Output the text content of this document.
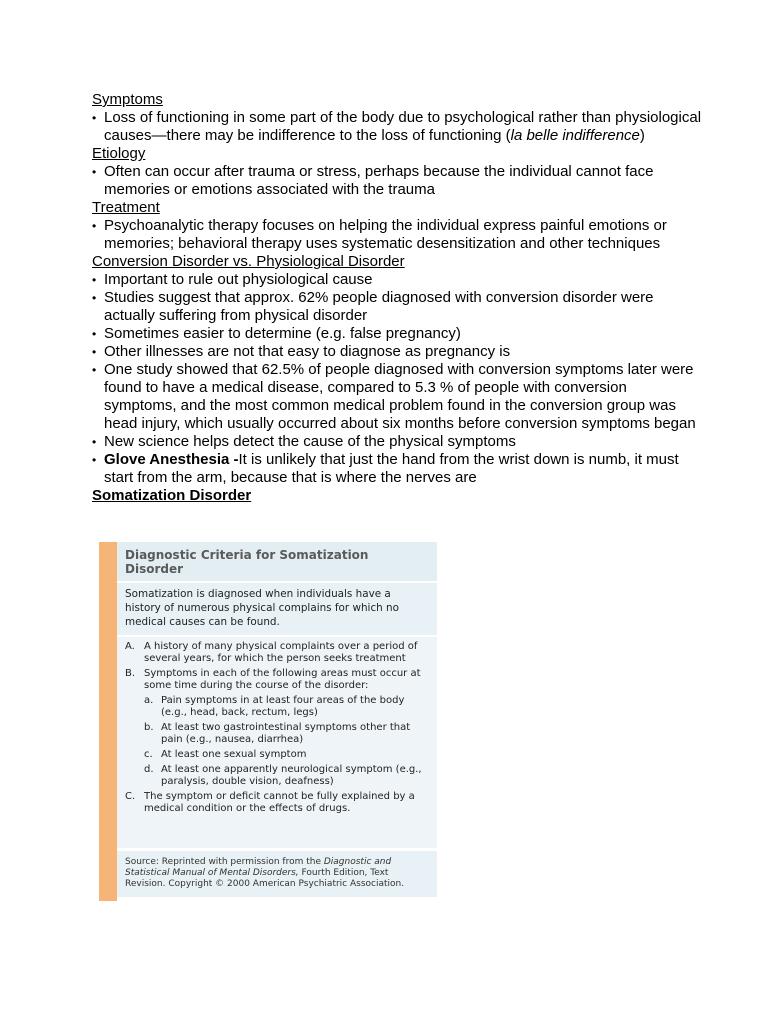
Symptoms
• Loss of functioning in some part of the body due to psychological rather than physiological causes—there may be indifference to the loss of functioning (la belle indifference)
Etiology
• Often can occur after trauma or stress, perhaps because the individual cannot face memories or emotions associated with the trauma
Treatment
• Psychoanalytic therapy focuses on helping the individual express painful emotions or memories; behavioral therapy uses systematic desensitization and other techniques
Conversion Disorder vs. Physiological Disorder
• Important to rule out physiological cause
• Studies suggest that approx. 62% people diagnosed with conversion disorder were actually suffering from physical disorder
• Sometimes easier to determine (e.g. false pregnancy)
• Other illnesses are not that easy to diagnose as pregnancy is
• One study showed that 62.5% of people diagnosed with conversion symptoms later were found to have a medical disease, compared to 5.3 % of people with conversion symptoms, and the most common medical problem found in the conversion group was head injury, which usually occurred about six months before conversion symptoms began
• New science helps detect the cause of the physical symptoms
• Glove Anesthesia -It is unlikely that just the hand from the wrist down is numb, it must start from the arm, because that is where the nerves are
Somatization Disorder
Diagnostic Criteria for Somatization Disorder
Somatization is diagnosed when individuals have a history of numerous physical complains for which no medical causes can be found.
A. A history of many physical complaints over a period of several years, for which the person seeks treatment
B. Symptoms in each of the following areas must occur at some time during the course of the disorder:
a. Pain symptoms in at least four areas of the body (e.g., head, back, rectum, legs)
b. At least two gastrointestinal symptoms other that pain (e.g., nausea, diarrhea)
c. At least one sexual symptom
d. At least one apparently neurological symptom (e.g., paralysis, double vision, deafness)
C. The symptom or deficit cannot be fully explained by a medical condition or the effects of drugs.
Source: Reprinted with permission from the Diagnostic and Statistical Manual of Mental Disorders, Fourth Edition, Text Revision. Copyright © 2000 American Psychiatric Association.
